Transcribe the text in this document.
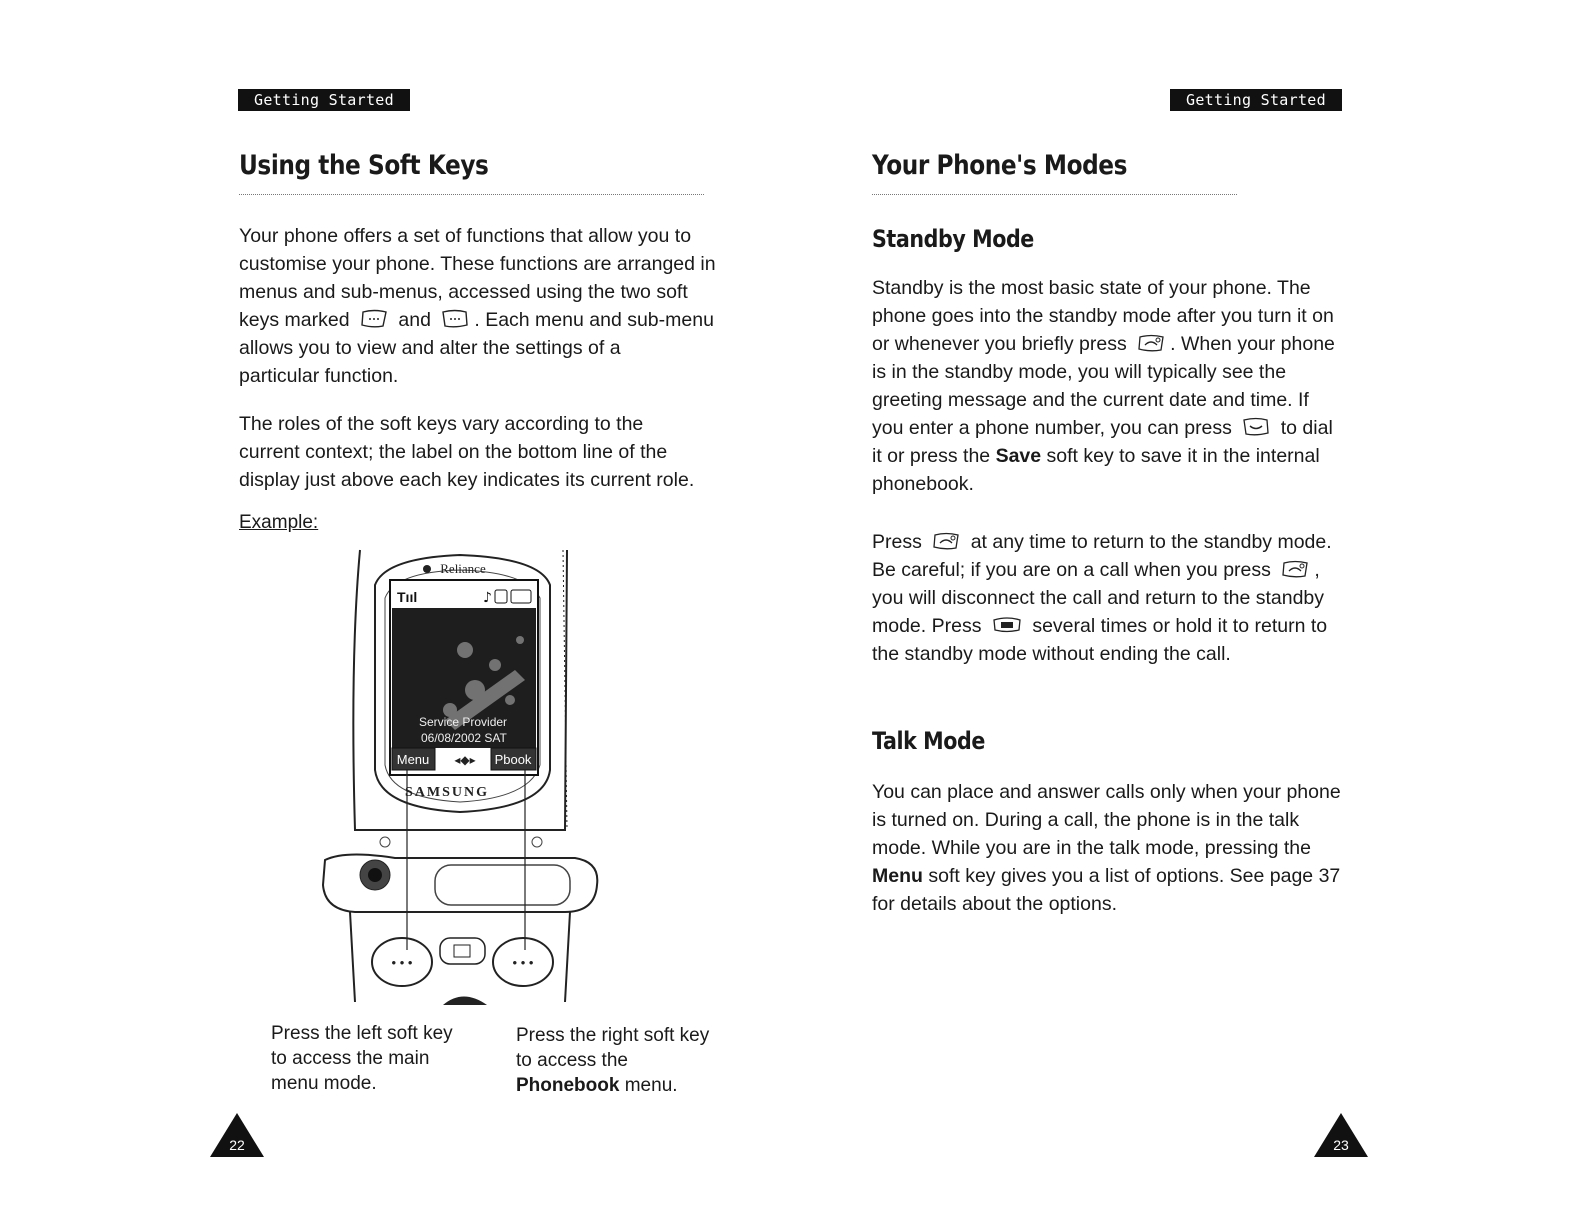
Getting Started
Using the Soft Keys

Your phone offers a set of functions that allow you to

customise your phone. These functions are arranged in

menus and sub-menus, accessed using the two soft

keys marked	and . Each menu and sub-menu

allows you to view and alter the settings of a

particular function.

The roles of the soft keys vary according to the current context; the label on the bottom line of the display just above each key indicates its current role.
Example:
Reliance
Tııl	♪
Service Provider
06/08/2002 SAT
Menu ◂◆▸ Pbook
SAMSUNG
• • •	• • •
Press the left soft key to access the main menu mode.
Press the right soft key to access the Phonebook menu.
22
Getting Started
Your Phone's Modes
Standby Mode
Standby is the most basic state of your phone. The phone goes into the standby mode after you turn it on or whenever you briefly press . When your phone is in the standby mode, you will typically see the greeting message and the current date and time. If you enter a phone number, you can press	to dial it or press the Save soft key to save it in the internal phonebook.
Press	at any time to return to the standby mode. Be careful; if you are on a call when you press , you will disconnect the call and return to the standby mode. Press	several times or hold it to return to the standby mode without ending the call.
Talk Mode
You can place and answer calls only when your phone is turned on. During a call, the phone is in the talk mode. While you are in the talk mode, pressing the Menu soft key gives you a list of options. See page 37 for details about the options.
23
